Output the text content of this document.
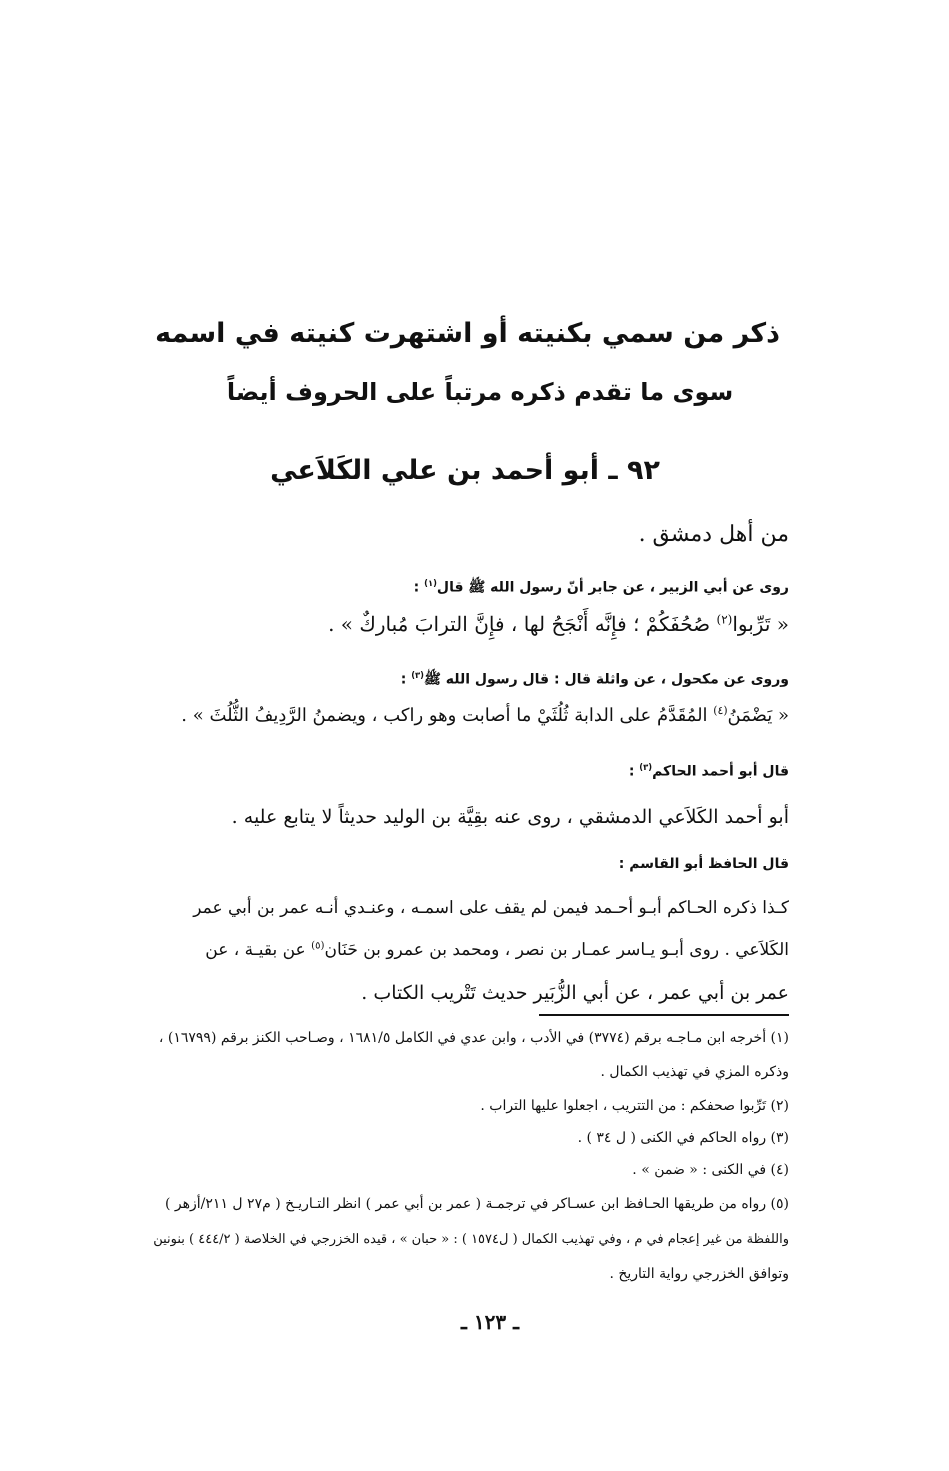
ذكر من سمي بكنيته أو اشتهرت كنيته في اسمه
سوى ما تقدم ذكره مرتباً على الحروف أيضاً
٩٢ ـ أبو أحمد بن علي الكَلاَعي
من أهل دمشق .
روى عن أبي الزبير ، عن جابر أنّ رسول الله ﷺ قال$^{(١)}$ :
« تَرِّبوا$^{(٢)}$ صُحُفَكُمْ ؛ فإِنَّه أَنْجَحُ لها ، فإِنَّ الترابَ مُباركٌ » .
وروى عن مكحول ، عن واثلة قال : قال رسول الله ﷺ$^{(٣)}$ :
« يَضْمَنُ$^{(٤)}$ المُقَدَّمُ على الدابة ثُلُثَيْ ما أصابت وهو راكب ، ويضمنُ الرَّدِيفُ الثُّلُثَ » .
قال أبو أحمد الحاكم$^{(٣)}$ :
أبو أحمد الكَلاَعي الدمشقي ، روى عنه بقِيَّة بن الوليد حديثاً لا يتابع عليه .
قال الحافظ أبو القاسم :
كـذا ذكره الحـاكم أبـو أحـمد فيمن لم يقف على اسمـه ، وعنـدي أنـه عمر بن أبي عمر
الكَلاَعي . روى أبـو يـاسر عمـار بن نصر ، ومحمد بن عمرو بن حَنَان$^{(٥)}$ عن بقيـة ، عن
عمر بن أبي عمر ، عن أبي الزُّبَير حديث تَتْريب الكتاب .
(١) أخرجه ابن مـاجـه برقم (٣٧٧٤) في الأدب ، وابن عدي في الكامل ١٦٨١/٥ ، وصـاحب الكنز برقم (١٦٧٩٩) ،
وذكره المزي في تهذيب الكمال .
(٢) تَرِّبوا صحفكم : من التتريب ، اجعلوا عليها التراب .
(٣) رواه الحاكم في الكنى ( ل ٣٤ ) .
(٤) في الكنى : « ضمن » .
(٥) رواه من طريقها الحـافظ ابن عسـاكر في ترجمـة ( عمر بن أبي عمر ) انظر التـاريـخ ( م٢٧ ل ٢١١/أزهر )
واللفظة من غير إعجام في م ، وفي تهذيب الكمال ( ل١٥٧٤ ) : « حبان » ، قيده الخزرجي في الخلاصة ( ٤٤٤/٢ ) بنونين
وتوافق الخزرجي رواية التاريخ .
ـ ١٢٣ ـ
